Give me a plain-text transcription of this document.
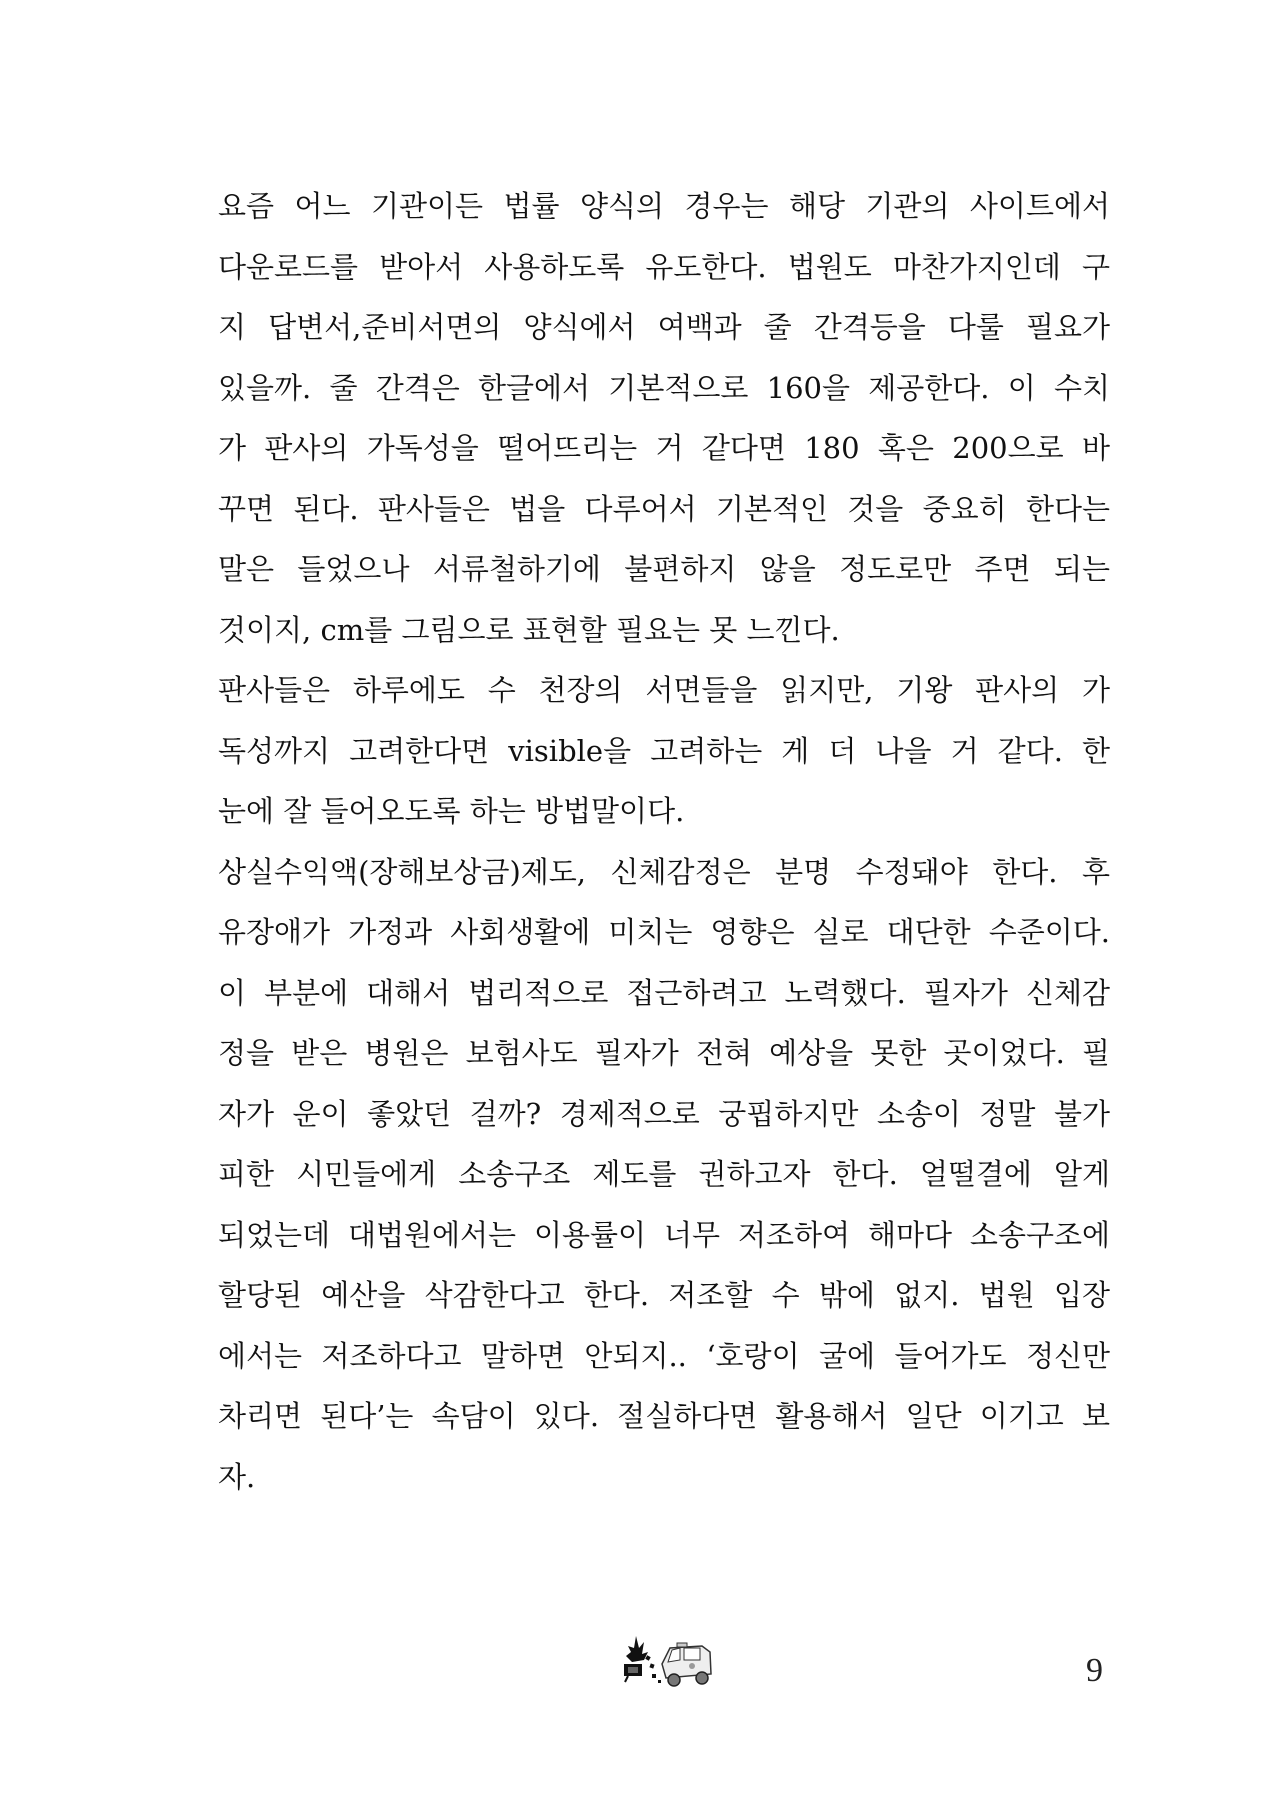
요즘 어느 기관이든 법률 양식의 경우는 해당 기관의 사이트에서
다운로드를 받아서 사용하도록 유도한다. 법원도 마찬가지인데 구
지 답변서,준비서면의 양식에서 여백과 줄 간격등을 다룰 필요가
있을까. 줄 간격은 한글에서 기본적으로 160을 제공한다. 이 수치
가 판사의 가독성을 떨어뜨리는 거 같다면 180 혹은 200으로 바
꾸면 된다. 판사들은 법을 다루어서 기본적인 것을 중요히 한다는
말은 들었으나 서류철하기에 불편하지 않을 정도로만 주면 되는
것이지, cm를 그림으로 표현할 필요는 못 느낀다.
판사들은 하루에도 수 천장의 서면들을 읽지만, 기왕 판사의 가
독성까지 고려한다면 visible을 고려하는 게 더 나을 거 같다. 한
눈에 잘 들어오도록 하는 방법말이다.
상실수익액(장해보상금)제도, 신체감정은 분명 수정돼야 한다. 후
유장애가 가정과 사회생활에 미치는 영향은 실로 대단한 수준이다.
이 부분에 대해서 법리적으로 접근하려고 노력했다. 필자가 신체감
정을 받은 병원은 보험사도 필자가 전혀 예상을 못한 곳이었다. 필
자가 운이 좋았던 걸까? 경제적으로 궁핍하지만 소송이 정말 불가
피한 시민들에게 소송구조 제도를 권하고자 한다. 얼떨결에 알게
되었는데 대법원에서는 이용률이 너무 저조하여 해마다 소송구조에
할당된 예산을 삭감한다고 한다. 저조할 수 밖에 없지. 법원 입장
에서는 저조하다고 말하면 안되지.. ‘호랑이 굴에 들어가도 정신만
차리면 된다’는 속담이 있다. 절실하다면 활용해서 일단 이기고 보
자.
9
